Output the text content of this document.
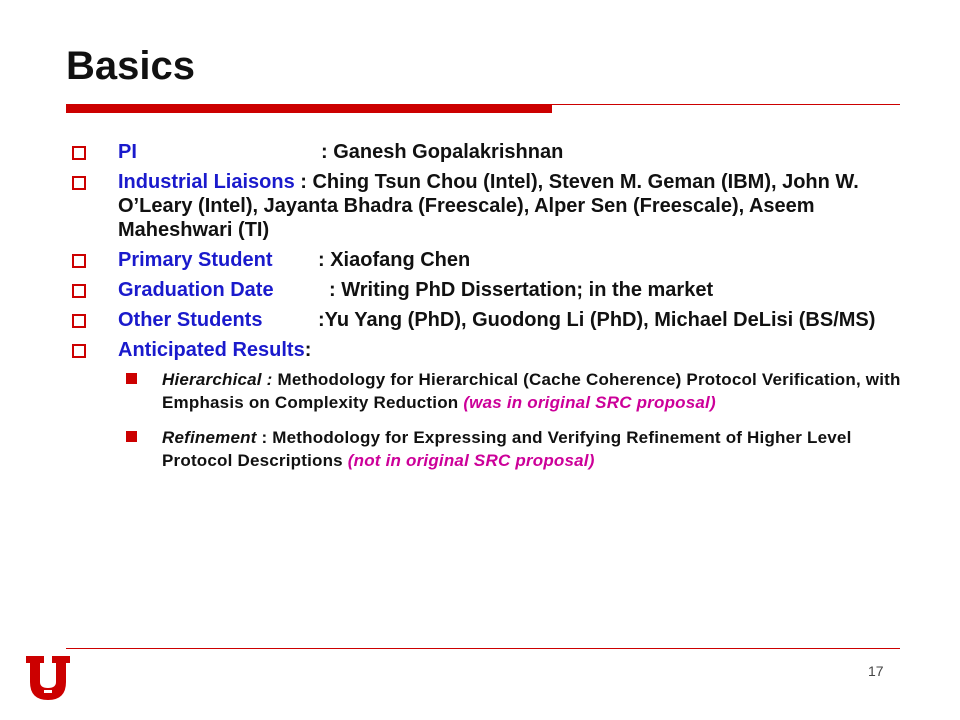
Basics
PI	: Ganesh Gopalakrishnan
Industrial Liaisons : Ching Tsun Chou (Intel), Steven M. Geman (IBM), John W. O’Leary (Intel), Jayanta Bhadra (Freescale), Alper Sen (Freescale), Aseem Maheshwari (TI)
Primary Student : Xiaofang Chen
Graduation Date	: Writing PhD Dissertation; in the market
Other Students	:Yu Yang (PhD), Guodong Li (PhD), Michael DeLisi (BS/MS)
Anticipated Results:
Hierarchical : Methodology for Hierarchical (Cache Coherence) Protocol Verification, with Emphasis on Complexity Reduction (was in original SRC proposal)
Refinement : Methodology for Expressing and Verifying Refinement of Higher Level Protocol Descriptions (not in original SRC proposal)
17
